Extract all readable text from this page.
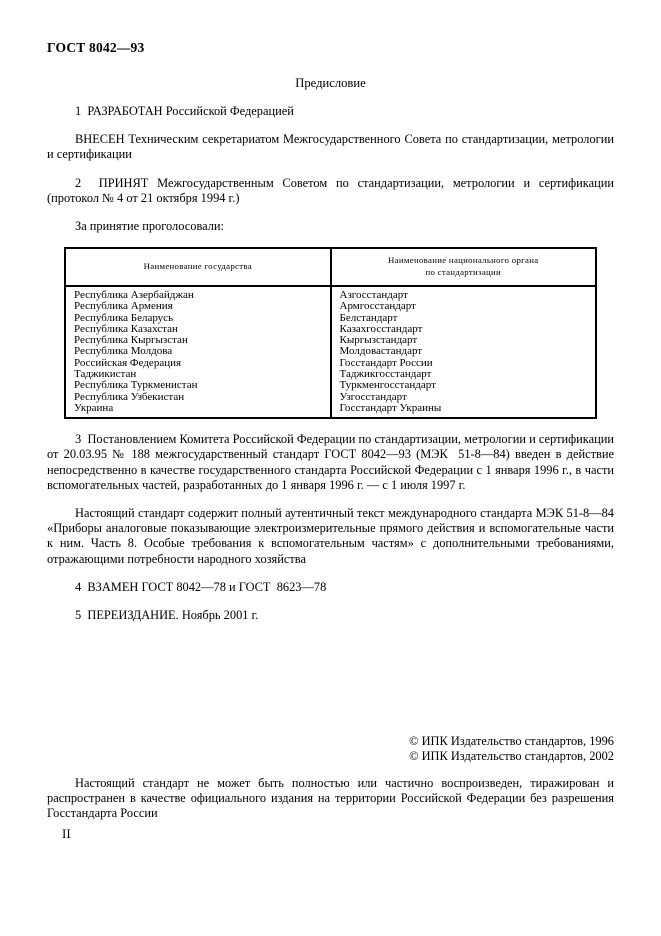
ГОСТ 8042—93
Предисловие

1  РАЗРАБОТАН Российской Федерацией

ВНЕСЕН Техническим секретариатом Межгосударственного Совета по стандартизации, метрологии и сертификации

2  ПРИНЯТ Межгосударственным Советом по стандартизации, метрологии и сертификации (протокол № 4 от 21 октября 1994 г.)

За принятие проголосовали:

Наименование государства	Наименование национального органа
по стандартизации
Республика Азербайджан	Азгосстандарт
Республика Армения	Армгосстандарт
Республика Беларусь	Белстандарт
Республика Казахстан	Казахгосстандарт
Республика Кыргызстан	Кыргызстандарт
Республика Молдова	Молдовастандарт
Российская Федерация	Госстандарт России
Таджикистан	Таджикгосстандарт
Республика Туркменистан	Туркменгосстандарт
Республика Узбекистан	Узгосстандарт
Украина	Госстандарт Украины

3  Постановлением Комитета Российской Федерации по стандартизации, метрологии и сертификации от 20.03.95 № 188 межгосударственный стандарт ГОСТ 8042—93 (МЭК  51-8—84) введен в действие непосредственно в качестве государственного стандарта Российской Федерации с 1 января 1996 г., в части вспомогательных частей, разработанных до 1 января 1996 г. — с 1 июля 1997 г.

Настоящий стандарт содержит полный аутентичный текст международного стандарта МЭК 51-8—84 «Приборы аналоговые показывающие электроизмерительные прямого действия и вспомогательные части к ним. Часть 8. Особые требования к вспомогательным частям» с дополнительными требованиями, отражающими потребности народного хозяйства

4  ВЗАМЕН ГОСТ 8042—78 и ГОСТ  8623—78

5  ПЕРЕИЗДАНИЕ. Ноябрь 2001 г.

© ИПК Издательство стандартов, 1996
© ИПК Издательство стандартов, 2002

Настоящий стандарт не может быть полностью или частично воспроизведен, тиражирован и распространен в качестве официального издания на территории Российской Федерации без разрешения Госстандарта России

II
